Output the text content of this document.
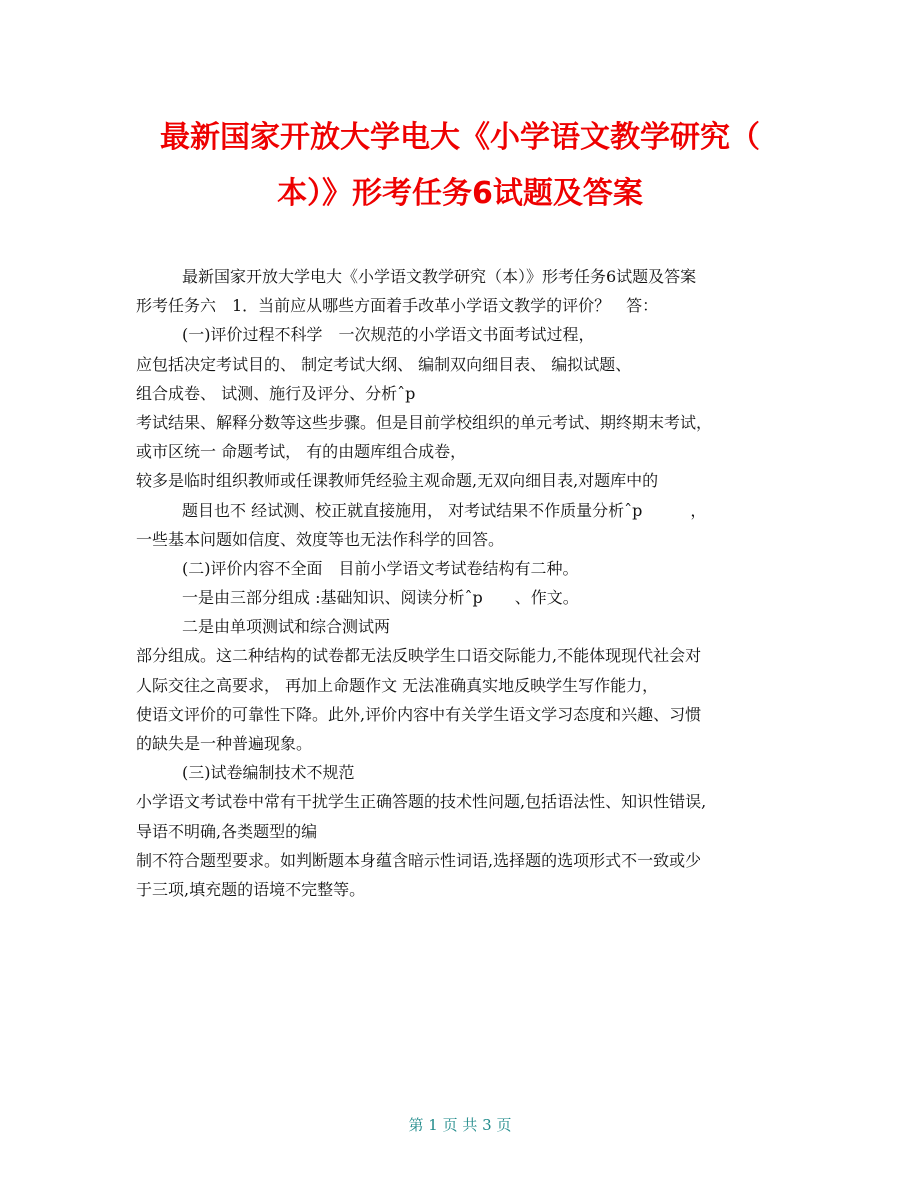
最新国家开放大学电大《小学语文教学研究（
本）》形考任务6试题及答案
最新国家开放大学电大《小学语文教学研究（本）》形考任务6试题及答案
形考任务六　1．当前应从哪些方面着手改革小学语文教学的评价？　答：
(一)评价过程不科学　一次规范的小学语文书面考试过程，
应包括决定考试目的、 制定考试大纲、 编制双向细目表、 编拟试题、
组合成卷、 试测、施行及评分、分析ˆp
考试结果、解释分数等这些步骤。但是目前学校组织的单元考试、期终期末考试，
或市区统一 命题考试， 有的由题库组合成卷，
较多是临时组织教师或任课教师凭经验主观命题,无双向细目表,对题库中的
题目也不 经试测、校正就直接施用， 对考试结果不作质量分析ˆp　　　，
一些基本问题如信度、效度等也无法作科学的回答。
(二)评价内容不全面　目前小学语文考试卷结构有二种。
一是由三部分组成 :基础知识、阅读分析ˆp　　、作文。
二是由单项测试和综合测试两
部分组成。这二种结构的试卷都无法反映学生口语交际能力,不能体现现代社会对
人际交往之高要求， 再加上命题作文 无法准确真实地反映学生写作能力，
使语文评价的可靠性下降。此外,评价内容中有关学生语文学习态度和兴趣、习惯
的缺失是一种普遍现象。
(三)试卷编制技术不规范
小学语文考试卷中常有干扰学生正确答题的技术性问题,包括语法性、知识性错误,
导语不明确,各类题型的编
制不符合题型要求。如判断题本身蕴含暗示性词语,选择题的选项形式不一致或少
于三项,填充题的语境不完整等。
第 1 页 共 3 页
